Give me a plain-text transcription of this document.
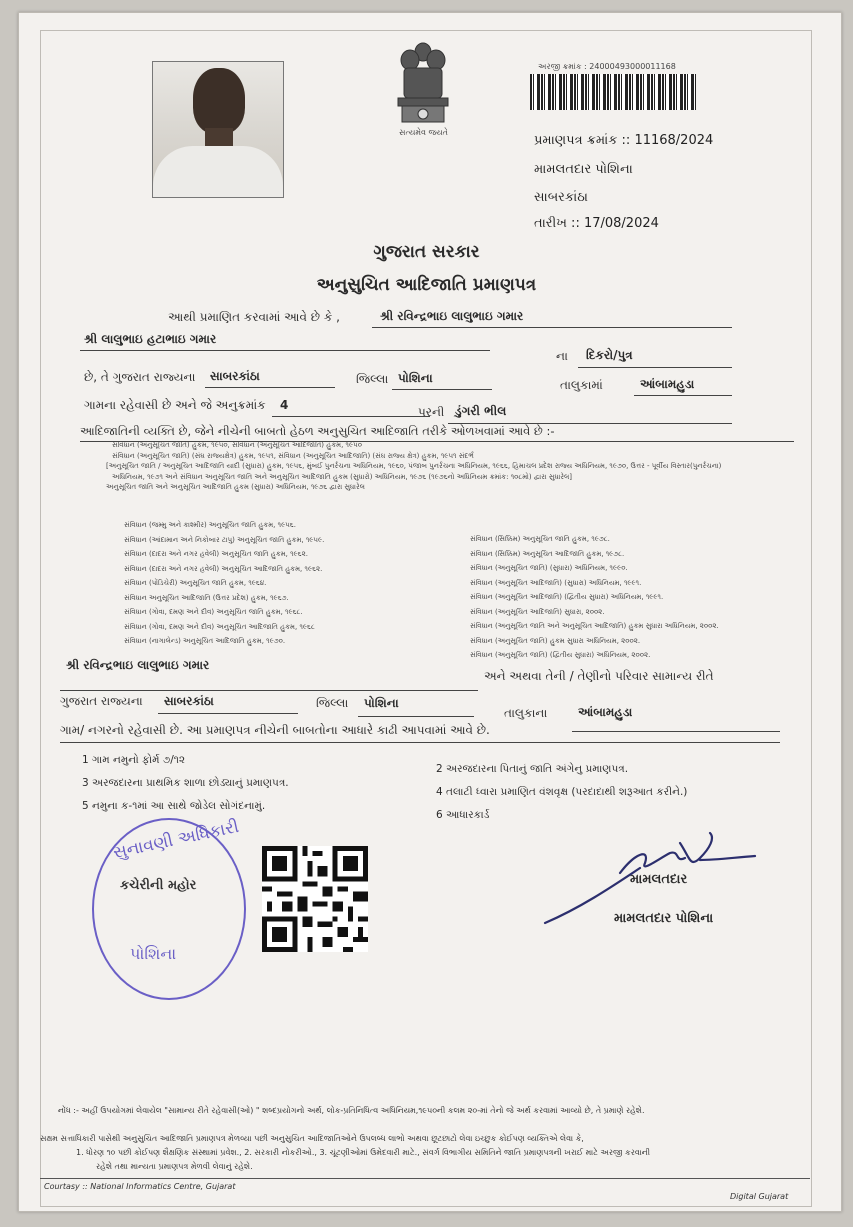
સત્યમેવ જયતે
અરજી ક્રમાંક : 24000493000011168
પ્રમાણપત્ર ક્રમાંક :: 11168/2024
મામલતદાર પોશિના
સાબરકાંઠા
તારીખ :: 17/08/2024
ગુજરાત સરકાર
અનુસુચિત આદિજાતિ પ્રમાણપત્ર
આથી પ્રમાણિત કરવામાં આવે છે કે ,	શ્રી રવિન્દ્રભાઇ લાલુભાઇ ગમાર
શ્રી લાલુભાઇ હટાભાઇ ગમાર
ના દિકરો/પુત્ર
છે, તે ગુજરાત રાજ્યના સાબરકાંઠા	જિલ્લા પોશિના	તાલુકામાં	આંબામહુડા
ગામના રહેવાસી છે અને જે અનુક્રમાંક 4	પરની ડુંગરી ભીલ
આદિજાતિની વ્યક્તિ છે, જેને નીચેની બાબતો હેઠળ અનુસુચિત આદિજાતિ તરીકે ઓળખવામાં આવે છે :-
સંવિધાન (અનુસૂચિત જાતિ) હુકમ, ૧૯૫૦, સંવિધાન (અનુસૂચિત આદિજાતિ) હુકમ, ૧૯૫૦
સંવિધાન (અનુસૂચિત જાતિ) (સંઘ રાજ્યક્ષેત્ર) હુકમ, ૧૯૫૧, સંવિધાન (અનુસૂચિત આદિજાતિ) (સંઘ રાજ્ય ક્ષેત્ર) હુકમ, ૧૯૫૧ સંદર્ભ
[અનુસૂચિત જાતિ / અનુસૂચિત આદિજાતિ યાદી (સુધારા) હુકમ, ૧૯૫૬, મુંબઈ પુનર્રચના અધિનિયમ, ૧૯૬૦, પંજાબ પુનર્રચના અધિનિયમ, ૧૯૬૬, હિમાચલ પ્રદેશ રાજ્ય અધિનિયમ, ૧૯૭૦, ઉત્તર - પૂર્વીય વિસ્તાર(પુનર્રચના)
અધિનિયમ, ૧૯૭૧ અને સંવિધાન અનુસૂચિત જાતિ અને અનુસૂચિત આદિજાતિ હુકમ (સુધારો) અધિનિયમ, ૧૯૭૬ (૧૯૭૬નો અધિનિયમ ક્રમાંક: ૧૦૮મો) દ્વારા સુધારેલ]
અનુસૂચિત જાતિ અને અનુસૂચિત આદિજાતિ હુકમ (સુધારા) અધિનિયમ, ૧૯૭૬ દ્વારા સુધારેલ
સંવિધાન (જમ્મુ અને કાશ્મીર) અનુસૂચિત જાતિ હુકમ, ૧૯૫૬.
સંવિધાન (આંદામાન અને નિકોબાર ટાપુ) અનુસૂચિત જાતિ હુકમ, ૧૯૫૯.
સંવિધાન (દાદરા અને નગર હવેલી) અનુસૂચિત જાતિ હુકમ, ૧૯૬૨.
સંવિધાન (દાદરા અને નગર હવેલી) અનુસૂચિત આદિજાતિ હુકમ, ૧૯૬૨.
સંવિધાન (પોંડિચેરી) અનુસૂચિત જાતિ હુકમ, ૧૯૬૪.
સંવિધાન અનુસૂચિત આદિજાતિ (ઉત્તર પ્રદેશ) હુકમ, ૧૯૬૭.
સંવિધાન (ગોવા, દમણ અને દીવ) અનુસૂચિત જાતિ હુકમ, ૧૯૬૮.
સંવિધાન (ગોવા, દમણ અને દીવ) અનુસૂચિત આદિજાતિ હુકમ, ૧૯૬૮
સંવિધાન (નાગાલેન્ડ) અનુસૂચિત આદિજાતિ હુકમ, ૧૯૭૦.
સંવિધાન (સિક્કિમ) અનુસૂચિત જાતિ હુકમ, ૧૯૭૮.
સંવિધાન (સિક્કિમ) અનુસૂચિત આદિજાતિ હુકમ, ૧૯૭૮.
સંવિધાન (અનુસૂચિત જાતિ) (સુધારા) અધિનિયમ, ૧૯૯૦.
સંવિધાન (અનુસૂચિત આદિજાતિ) (સુધારા) અધિનિયમ, ૧૯૯૧.
સંવિધાન (અનુસૂચિત આદિજાતિ) (દ્વિતીય સુધારા) અધિનિયમ, ૧૯૯૧.
સંવિધાન (અનુસૂચિત આદિજાતિ) સુધારા, ૨૦૦૨.
સંવિધાન (અનુસૂચિત જાતિ અને અનુસૂચિત આદિજાતિ) હુકમ સુધારા અધિનિયમ, ૨૦૦૨.
સંવિધાન (અનુસૂચિત જાતિ) હુકમ સુધારા અધિનિયમ, ૨૦૦૨.
સંવિધાન (અનુસૂચિત જાતિ) (દ્વિતીય સુધારા) અધિનિયમ, ૨૦૦૨.
શ્રી રવિન્દ્રભાઇ લાલુભાઇ ગમાર
અને અથવા તેની / તેણીનો પરિવાર સામાન્ય રીતે
ગુજરાત રાજ્યના સાબરકાંઠા	જિલ્લા પોશિના
તાલુકાના	આંબામહુડા
ગામ/ નગરનો રહેવાસી છે. આ પ્રમાણપત્ર નીચેની બાબતોના આધારે કાઢી આપવામાં આવે છે.
1 ગામ નમુનો ફોર્મ ૭/૧૨
2 અરજદારના પિતાનું જાતિ અંગેનુ પ્રમાણપત્ર.
3 અરજદારના પ્રાથમિક શાળા છોડ્યાનું પ્રમાણપત્ર.
4 તલાટી ધ્વારા પ્રમાણિત વંશવૃક્ષ (પરદાદાથી શરૂઆત કરીને.)
5 નમુના ક-૧માં આ સાથે જોડેલ સોગંદનામું.
6 આધારકાર્ડ
સુનાવણી અધિકારી
કચેરીની મહોર
પોશિના
મામલતદાર
મામલતદાર પોશિના
નોંધ :- અહીં ઉપયોગમાં લેવાયેલ "સામાન્ય રીતે રહેવાસી(ઓ) " શબ્દપ્રયોગનો અર્થ, લોક-પ્રતિનિધિત્વ અધિનિયમ,૧૯૫૦ની કલમ ૨૦-માં તેનો જે અર્થ કરવામાં આવ્યો છે, તે પ્રમાણે રહેશે.
સક્ષમ સત્તાધિકારી પાસેથી અનુસુચિત આદિજાતિ પ્રમાણપત્ર મેળવ્યા પછી અનુસુચિત આદિજાતિઓને ઉપલબ્ધ લાભો અથવા છૂટછાટો લેવા ઇચ્છુક કોઈપણ વ્યક્તિએ લેવા કે,
1. ધોરણ ૧૦ પછી કોઈપણ શૈક્ષણિક સંસ્થામાં પ્રવેશ., 2. સરકારી નોકરીઓ., 3. ચૂંટણીઓમાં ઉમેદવારી માટે., સંવર્ગ વિભાગીય સમિતિને જાતિ પ્રમાણપત્રની ખરાઈ માટે અરજી કરવાની
રહેશે તથા માન્યતા પ્રમાણપત્ર મેળવી લેવાનું રહેશે.
Courtasy :: National Informatics Centre, Gujarat
Digital Gujarat
